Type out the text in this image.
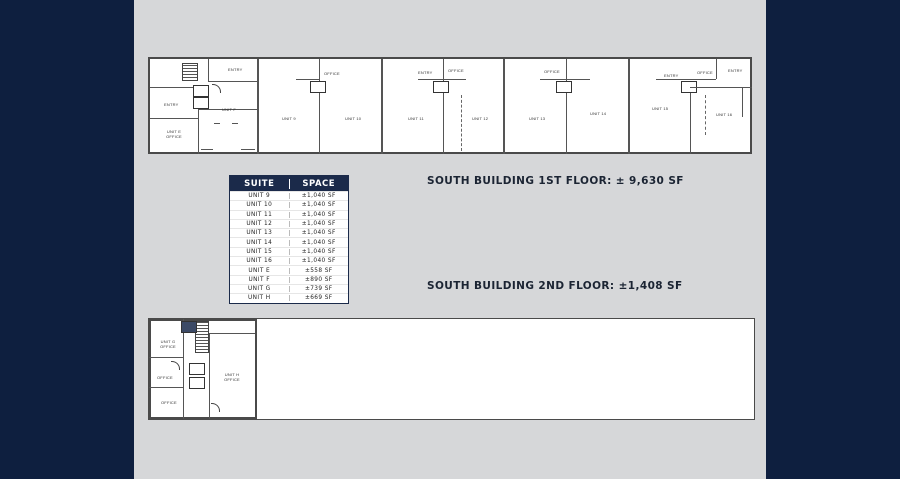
ENTRY
ENTRY
UNIT E OFFICE
UNIT F
UNIT 9
OFFICE
UNIT 10
ENTRY	OFFICE
UNIT 11	UNIT 12
OFFICE
UNIT 13
UNIT 14
ENTRY
OFFICE	ENTRY
UNIT 15
UNIT 16
SOUTH BUILDING 1ST FLOOR: ± 9,630 SF
SOUTH BUILDING 2ND FLOOR: ±1,408 SF
SUITE	SPACE
UNIT 9	±1,040 SF
UNIT 10	±1,040 SF
UNIT 11	±1,040 SF
UNIT 12	±1,040 SF
UNIT 13	±1,040 SF
UNIT 14	±1,040 SF
UNIT 15	±1,040 SF
UNIT 16	±1,040 SF
UNIT E	±558 SF
UNIT F	±890 SF
UNIT G	±739 SF
UNIT H	±669 SF
UNIT G OFFICE
OFFICE
OFFICE
UNIT H OFFICE
